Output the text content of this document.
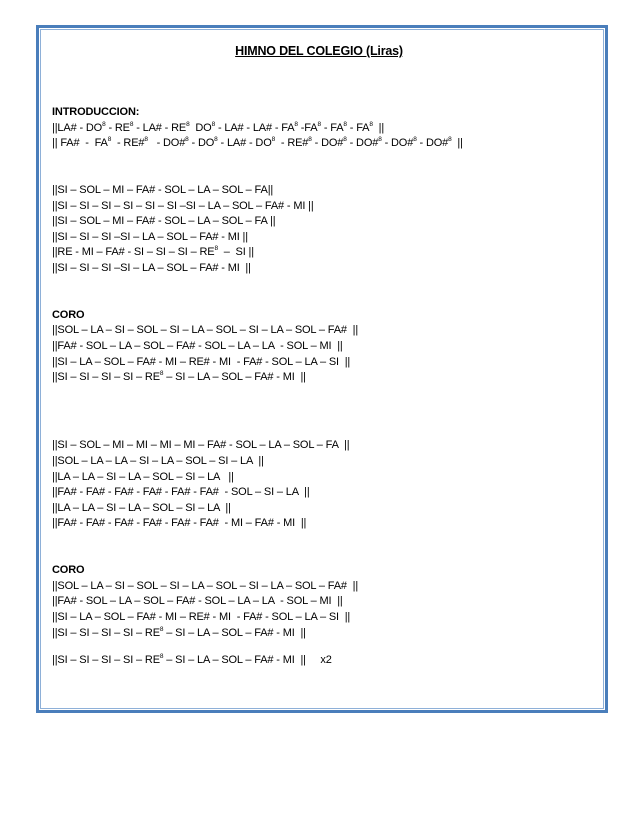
HIMNO DEL COLEGIO (Liras)
INTRODUCCION:
||LA# - $DO^8 - RE^8$ - LA# - $RE^8$  $DO^8$ - LA# - LA# - $FA^8$ $-FA^8 - FA^8 - FA^8$  ||
|| FA#  -  $FA^8$  - RE#$^8$   - DO#$^8$ - $DO^8$ - LA# - $DO^8$  - RE#$^8$ - DO#$^8$ - DO#$^8$ - DO#$^8$ - DO#$^8$  ||
||SI – SOL – MI – FA# - SOL – LA – SOL – FA||
||SI – SI – SI – SI – SI – SI –SI – LA – SOL – FA# - MI ||
||SI – SOL – MI – FA# - SOL – LA – SOL – FA ||
||SI – SI – SI –SI – LA – SOL – FA# - MI ||
||RE - MI – FA# - SI – SI – SI – $RE^8$  –  SI ||
||SI – SI – SI –SI – LA – SOL – FA# - MI  ||
CORO
||SOL – LA – SI – SOL – SI – LA – SOL – SI – LA – SOL – FA#  ||
||FA# - SOL – LA – SOL – FA# - SOL – LA – LA  - SOL – MI  ||
||SI – LA – SOL – FA# - MI – RE# - MI  - FA# - SOL – LA – SI  ||
||SI – SI – SI – SI – $RE^8$ – SI – LA – SOL – FA# - MI  ||
||SI – SOL – MI – MI – MI – MI – FA# - SOL – LA – SOL – FA  ||
||SOL – LA – LA – SI – LA – SOL – SI – LA  ||
||LA – LA – SI – LA – SOL – SI – LA   ||
||FA# - FA# - FA# - FA# - FA# - FA#  - SOL – SI – LA  ||
||LA – LA – SI – LA – SOL – SI – LA  ||
||FA# - FA# - FA# - FA# - FA# - FA#  - MI – FA# - MI  ||
CORO
||SOL – LA – SI – SOL – SI – LA – SOL – SI – LA – SOL – FA#  ||
||FA# - SOL – LA – SOL – FA# - SOL – LA – LA  - SOL – MI  ||
||SI – LA – SOL – FA# - MI – RE# - MI  - FA# - SOL – LA – SI  ||
||SI – SI – SI – SI – $RE^8$ – SI – LA – SOL – FA# - MI  ||
||SI – SI – SI – SI – $RE^8$ – SI – LA – SOL – FA# - MI  ||     x2
